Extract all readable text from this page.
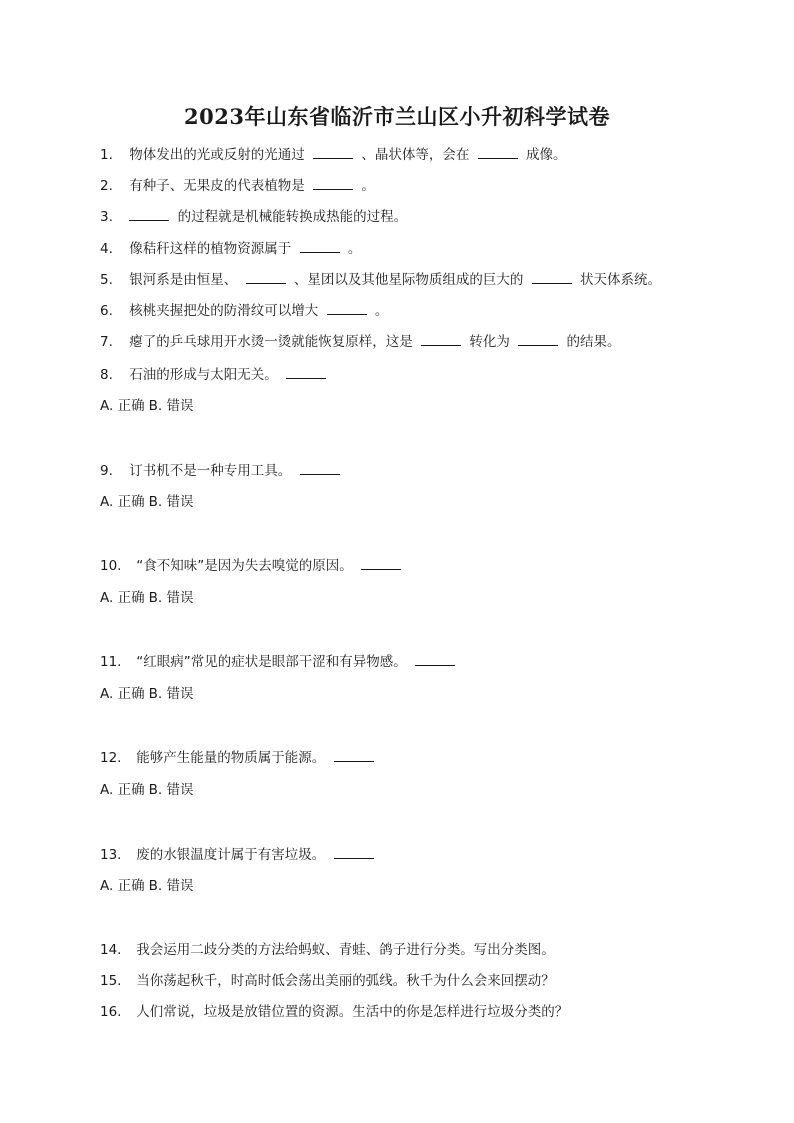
2023年山东省临沂市兰山区小升初科学试卷
1. 物体发出的光或反射的光通过	、晶状体等，会在	成像。
2. 有种子、无果皮的代表植物是	。
3.	的过程就是机械能转换成热能的过程。
4. 像秸秆这样的植物资源属于	。
5. 银河系是由恒星、	、星团以及其他星际物质组成的巨大的	状天体系统。
6. 核桃夹握把处的防滑纹可以增大	。
7. 瘪了的乒乓球用开水烫一烫就能恢复原样，这是	转化为	的结果。
8. 石油的形成与太阳无关。
A. 正确 B. 错误
9. 订书机不是一种专用工具。
A. 正确 B. 错误
10. “食不知味”是因为失去嗅觉的原因。
A. 正确 B. 错误
11. “红眼病”常见的症状是眼部干涩和有异物感。
A. 正确 B. 错误
12. 能够产生能量的物质属于能源。
A. 正确 B. 错误
13. 废的水银温度计属于有害垃圾。
A. 正确 B. 错误
14. 我会运用二歧分类的方法给蚂蚁、青蛙、鸽子进行分类。写出分类图。
15. 当你荡起秋千，时高时低会荡出美丽的弧线。秋千为什么会来回摆动？
16. 人们常说，垃圾是放错位置的资源。生活中的你是怎样进行垃圾分类的？
